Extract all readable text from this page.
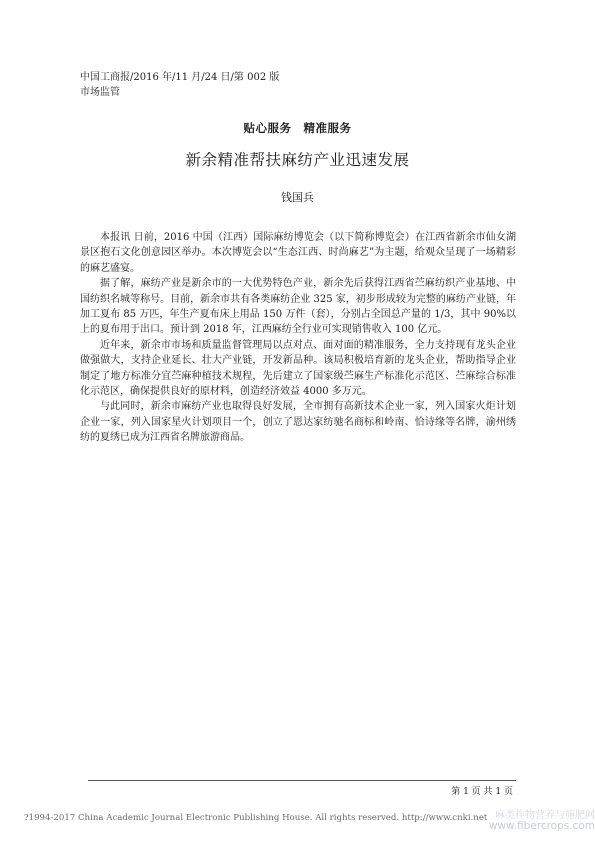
中国工商报/2016 年/11 月/24 日/第 002 版
市场监管
贴心服务　精准服务
新余精准帮扶麻纺产业迅速发展
钱国兵

本报讯 日前，2016 中国（江西）国际麻纺博览会（以下简称博览会）在江西省新余市仙女湖景区抱石文化创意园区举办。本次博览会以“生态江西、时尚麻艺”为主题，给观众呈现了一场精彩的麻艺盛宴。

据了解，麻纺产业是新余市的一大优势特色产业，新余先后获得江西省苎麻纺织产业基地、中国纺织名城等称号。目前，新余市共有各类麻纺企业 325 家，初步形成较为完整的麻纺产业链，年加工夏布 85 万匹，年生产夏布床上用品 150 万件（套），分别占全国总产量的 1/3，其中 90%以上的夏布用于出口。预计到 2018 年，江西麻纺全行业可实现销售收入 100 亿元。

近年来，新余市市场和质量监督管理局以点对点、面对面的精准服务，全力支持现有龙头企业做强做大，支持企业延长、壮大产业链，开发新品种。该局积极培育新的龙头企业，帮助指导企业制定了地方标准分宜苎麻种植技术规程，先后建立了国家级苎麻生产标准化示范区、苎麻综合标准化示范区，确保提供良好的原材料，创造经济效益 4000 多万元。

与此同时，新余市麻纺产业也取得良好发展，全市拥有高新技术企业一家，列入国家火炬计划企业一家，列入国家星火计划项目一个，创立了恩达家纺驰名商标和岭南、恰诗缘等名牌，渝州绣纺的夏绣已成为江西省名牌旅游商品。

第 1 页 共 1 页
?1994-2017 China Academic Journal Electronic Publishing House. All rights reserved. http://www.cnki.net 麻类作物营养与施肥网
www.fibercrops.com
